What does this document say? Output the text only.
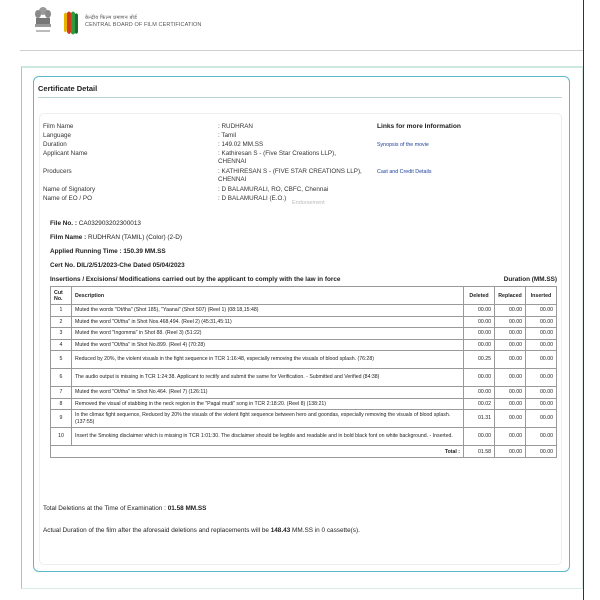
केन्द्रीय फिल्म प्रमाणन बोर्ड
CENTRAL BOARD OF FILM CERTIFICATION
Certificate Detail
Film Name	: RUDHRAN
Language	: Tamil
Duration	: 149.02 MM.SS
Applicant Name	: Kathiresan S - (Five Star Creations LLP), CHENNAI
Producers	: KATHIRESAN S - (FIVE STAR CREATIONS LLP), CHENNAI
Name of Signatory	: D BALAMURALI, RO, CBFC, Chennai
Name of EO / PO	: D BALAMURALI (E.O.)
Links for more Information
Synopsis of the movie
Cast and Credit Details
Endorsement
File No. : CA032903202300013
Film Name : RUDHRAN (TAMIL) (Color) (2-D)
Applied Running Time : 150.39 MM.SS
Cert No. DIL/2/51/2023-Che Dated 05/04/2023
Insertions / Excisions/ Modifications carried out by the applicant to comply with the law in force	Duration (MM.SS)
Cut No.	Description	Deleted	Replaced	Inserted
1	Muted the words "Ot/tha" (Shot 185), "Yaanai" (Shot 507) (Reel 1) (08:18,15:48)	00.00	00.00	00.00
2	Muted the word "Ot/tha" in Shot Nos.468,494. (Reel 2) (45:31,45:11)	00.00	00.00	00.00
3	Muted the word "Ingomma" in Shot 88. (Reel 3) (51:22)	00.00	00.00	00.00
4	Muted the word "Ot/tha" in Shot No.899. (Reel 4) (70:28)	00.00	00.00	00.00
5	Reduced by 20%, the violent visuals in the fight sequence in TCR 1:16:48, especially removing the visuals of blood splash. (76:28)	00.25	00.00	00.00
6	The audio output is missing in TCR 1:24:38. Applicant to rectify and submit the same for Verification. - Submitted and Verified (84:38)	00.00	00.00	00.00
7	Muted the word "Ot/tha" in Shot No.464. (Reel 7) (126:11)	00.00	00.00	00.00
8	Removed the visual of stabbing in the neck region in the "Pagal mudi" song in TCR 2:18:20. (Reel 8) (138:21)	00.02	00.00	00.00
9	In the climax fight sequence, Reduced by 20% the visuals of the violent fight sequence between hero and goondas, especially removing the visuals of blood splash. (137:55)	01.31	00.00	00.00
10	Insert the Smoking disclaimer which is missing in TCR 1:01:30. The disclaimer should be legible and readable and in bold black font on white background. - Inserted.	00.00	00.00	00.00
Total :		01.58	00.00	00.00
Total Deletions at the Time of Examination : 01.58 MM.SS
Actual Duration of the film after the aforesaid deletions and replacements will be 148.43 MM.SS in 0 cassette(s).
